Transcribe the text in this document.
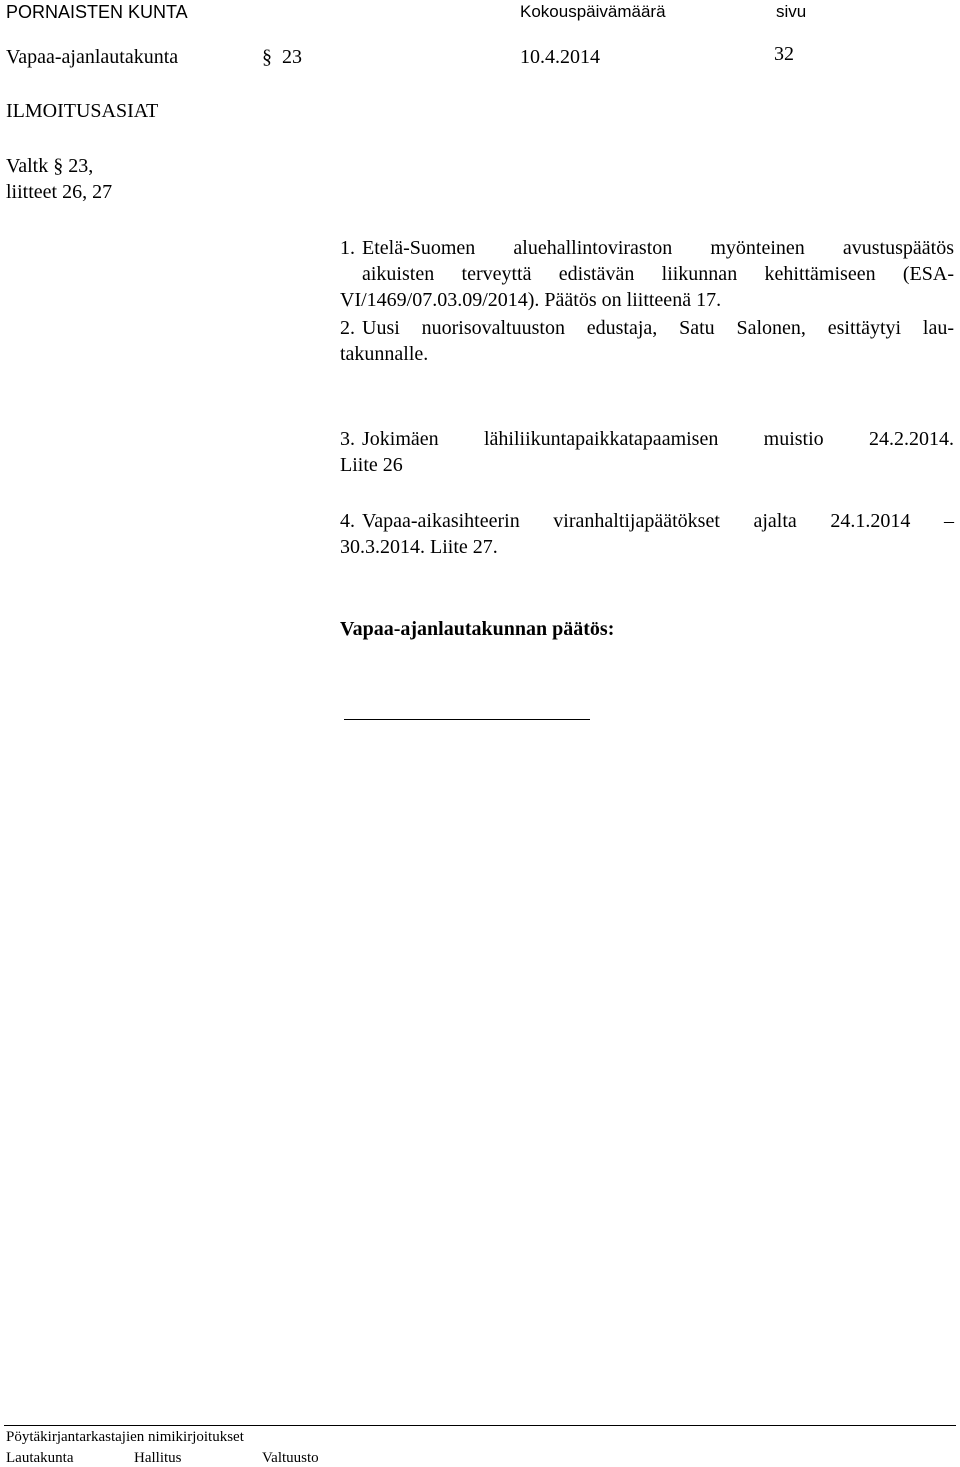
PORNAISTEN KUNTA	Kokouspäivämäärä	sivu
Vapaa-ajanlautakunta	§ 23	10.4.2014	32
ILMOITUSASIAT
Valtk § 23,
liitteet 26, 27
1. Etelä-Suomen aluehallintoviraston myönteinen avustuspäätös
aikuisten terveyttä edistävän liikunnan kehittämiseen (ESA-
VI/1469/07.03.09/2014). Päätös on liitteenä 17.
2. Uusi nuorisovaltuuston edustaja, Satu Salonen, esittäytyi lau-
takunnalle.
3. Jokimäen lähiliikuntapaikkatapaamisen muistio 24.2.2014.
Liite 26
4. Vapaa-aikasihteerin viranhaltijapäätökset ajalta 24.1.2014 –
30.3.2014. Liite 27.
Vapaa-ajanlautakunnan päätös:
Pöytäkirjantarkastajien nimikirjoitukset
Lautakunta	Hallitus	Valtuusto
